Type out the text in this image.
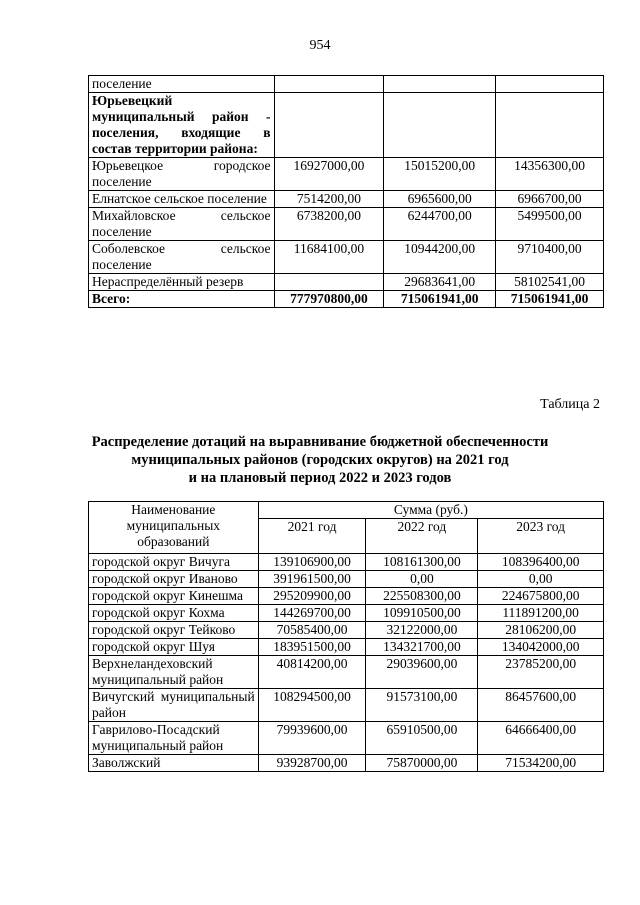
954
поселение			
Юрьевецкий муниципальный район - поселения, входящие в состав территории района:			
Юрьевецкое городское поселение	16927000,00	15015200,00	14356300,00
Елнатское сельское поселение	7514200,00	6965600,00	6966700,00
Михайловское сельское поселение	6738200,00	6244700,00	5499500,00
Соболевское сельское поселение	11684100,00	10944200,00	9710400,00
Нераспределённый резерв		29683641,00	58102541,00
Всего:	777970800,00	715061941,00	715061941,00
Таблица 2
Распределение дотаций на выравнивание бюджетной обеспеченности
муниципальных районов (городских округов) на 2021 год
и на плановый период 2022 и 2023 годов
Наименование муниципальных образований	Сумма (руб.)		
	2021 год	2022 год	2023 год
городской округ Вичуга	139106900,00	108161300,00	108396400,00
городской округ Иваново	391961500,00	0,00	0,00
городской округ Кинешма	295209900,00	225508300,00	224675800,00
городской округ Кохма	144269700,00	109910500,00	111891200,00
городской округ Тейково	70585400,00	32122000,00	28106200,00
городской округ Шуя	183951500,00	134321700,00	134042000,00
Верхнеландеховский муниципальный район	40814200,00	29039600,00	23785200,00
Вичугский муниципальный район	108294500,00	91573100,00	86457600,00
Гаврилово-Посадский муниципальный район	79939600,00	65910500,00	64666400,00
Заволжский	93928700,00	75870000,00	71534200,00
